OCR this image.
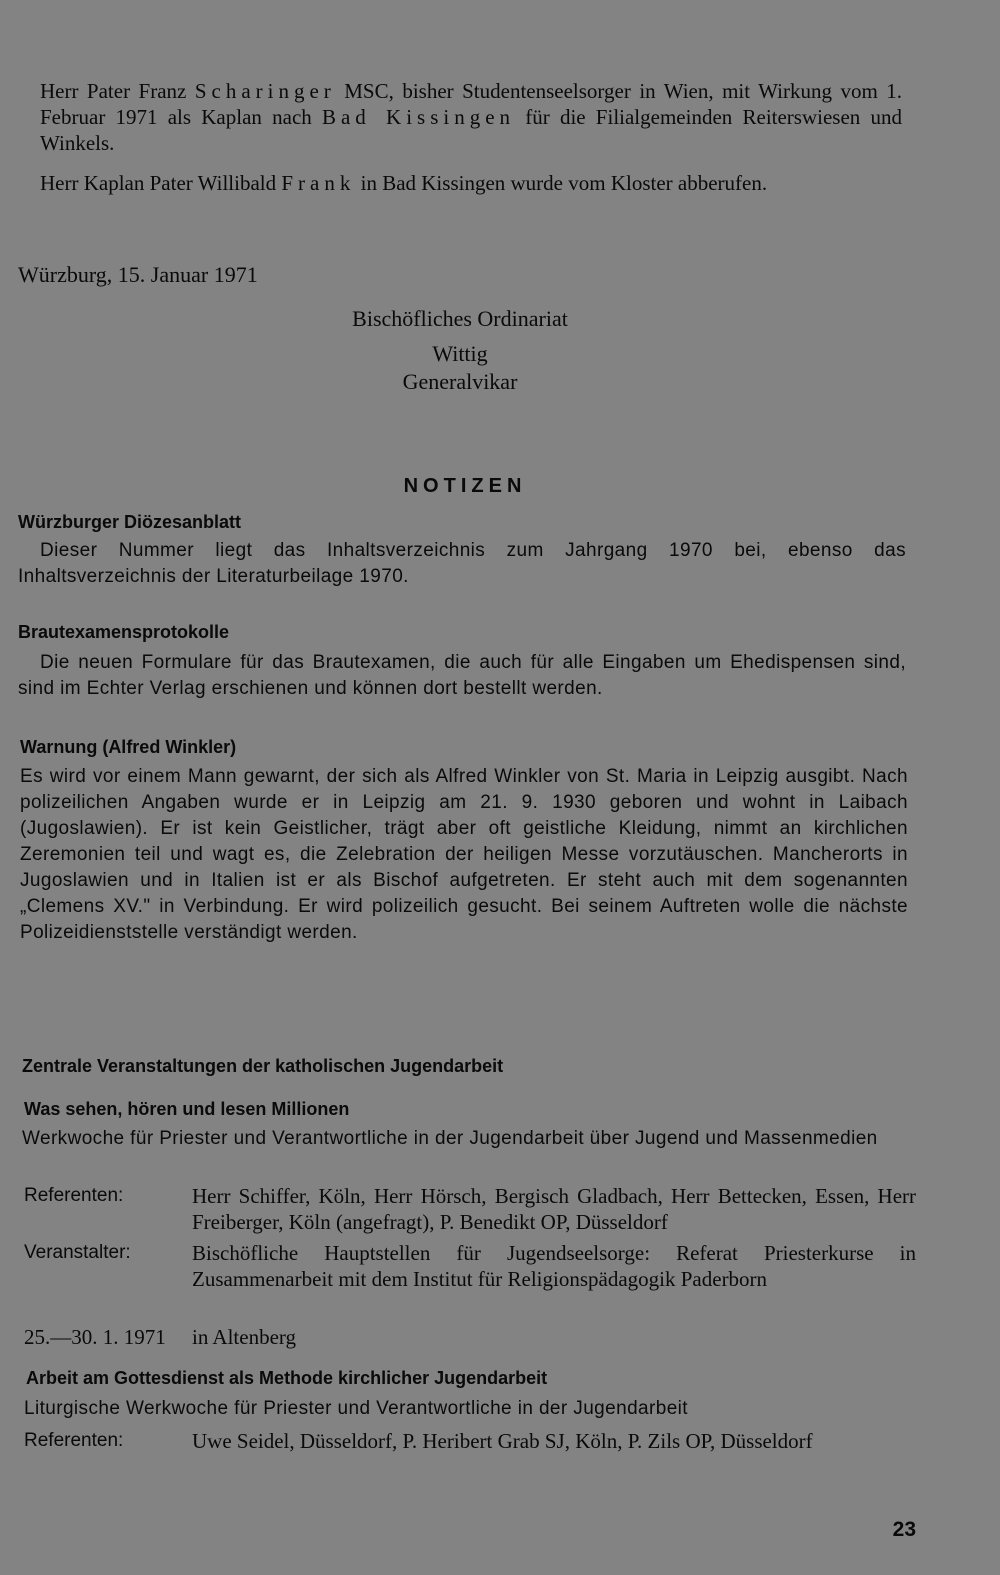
Herr Pater Franz Scharinger MSC, bisher Studentenseelsorger in Wien, mit Wirkung vom 1. Februar 1971 als Kaplan nach Bad Kissingen für die Filialgemeinden Reiterswiesen und Winkels.

Herr Kaplan Pater Willibald Frank in Bad Kissingen wurde vom Kloster abberufen.

Würzburg, 15. Januar 1971
Bischöfliches Ordinariat
Wittig
Generalvikar
NOTIZEN
Würzburger Diözesanblatt
Dieser Nummer liegt das Inhaltsverzeichnis zum Jahrgang 1970 bei, ebenso das Inhaltsverzeichnis der Literaturbeilage 1970.
Brautexamensprotokolle
Die neuen Formulare für das Brautexamen, die auch für alle Eingaben um Ehedispensen sind, sind im Echter Verlag erschienen und können dort bestellt werden.
Warnung (Alfred Winkler)
Es wird vor einem Mann gewarnt, der sich als Alfred Winkler von St. Maria in Leipzig ausgibt. Nach polizeilichen Angaben wurde er in Leipzig am 21. 9. 1930 geboren und wohnt in Laibach (Jugoslawien). Er ist kein Geistlicher, trägt aber oft geistliche Kleidung, nimmt an kirchlichen Zeremonien teil und wagt es, die Zelebration der heiligen Messe vorzutäuschen. Mancherorts in Jugoslawien und in Italien ist er als Bischof aufgetreten. Er steht auch mit dem sogenannten „Clemens XV." in Verbindung. Er wird polizeilich gesucht. Bei seinem Auftreten wolle die nächste Polizeidienststelle verständigt werden.
Zentrale Veranstaltungen der katholischen Jugendarbeit
Was sehen, hören und lesen Millionen
Werkwoche für Priester und Verantwortliche in der Jugendarbeit über Jugend und Massenmedien
Referenten:	Herr Schiffer, Köln, Herr Hörsch, Bergisch Gladbach, Herr Bettecken, Essen, Herr Freiberger, Köln (angefragt), P. Benedikt OP, Düsseldorf
Veranstalter:	Bischöfliche Hauptstellen für Jugendseelsorge: Referat Priesterkurse in Zusammenarbeit mit dem Institut für Religionspädagogik Paderborn
25.—30. 1. 1971	in Altenberg
Arbeit am Gottesdienst als Methode kirchlicher Jugendarbeit
Liturgische Werkwoche für Priester und Verantwortliche in der Jugendarbeit
Referenten:	Uwe Seidel, Düsseldorf, P. Heribert Grab SJ, Köln, P. Zils OP, Düsseldorf
23
